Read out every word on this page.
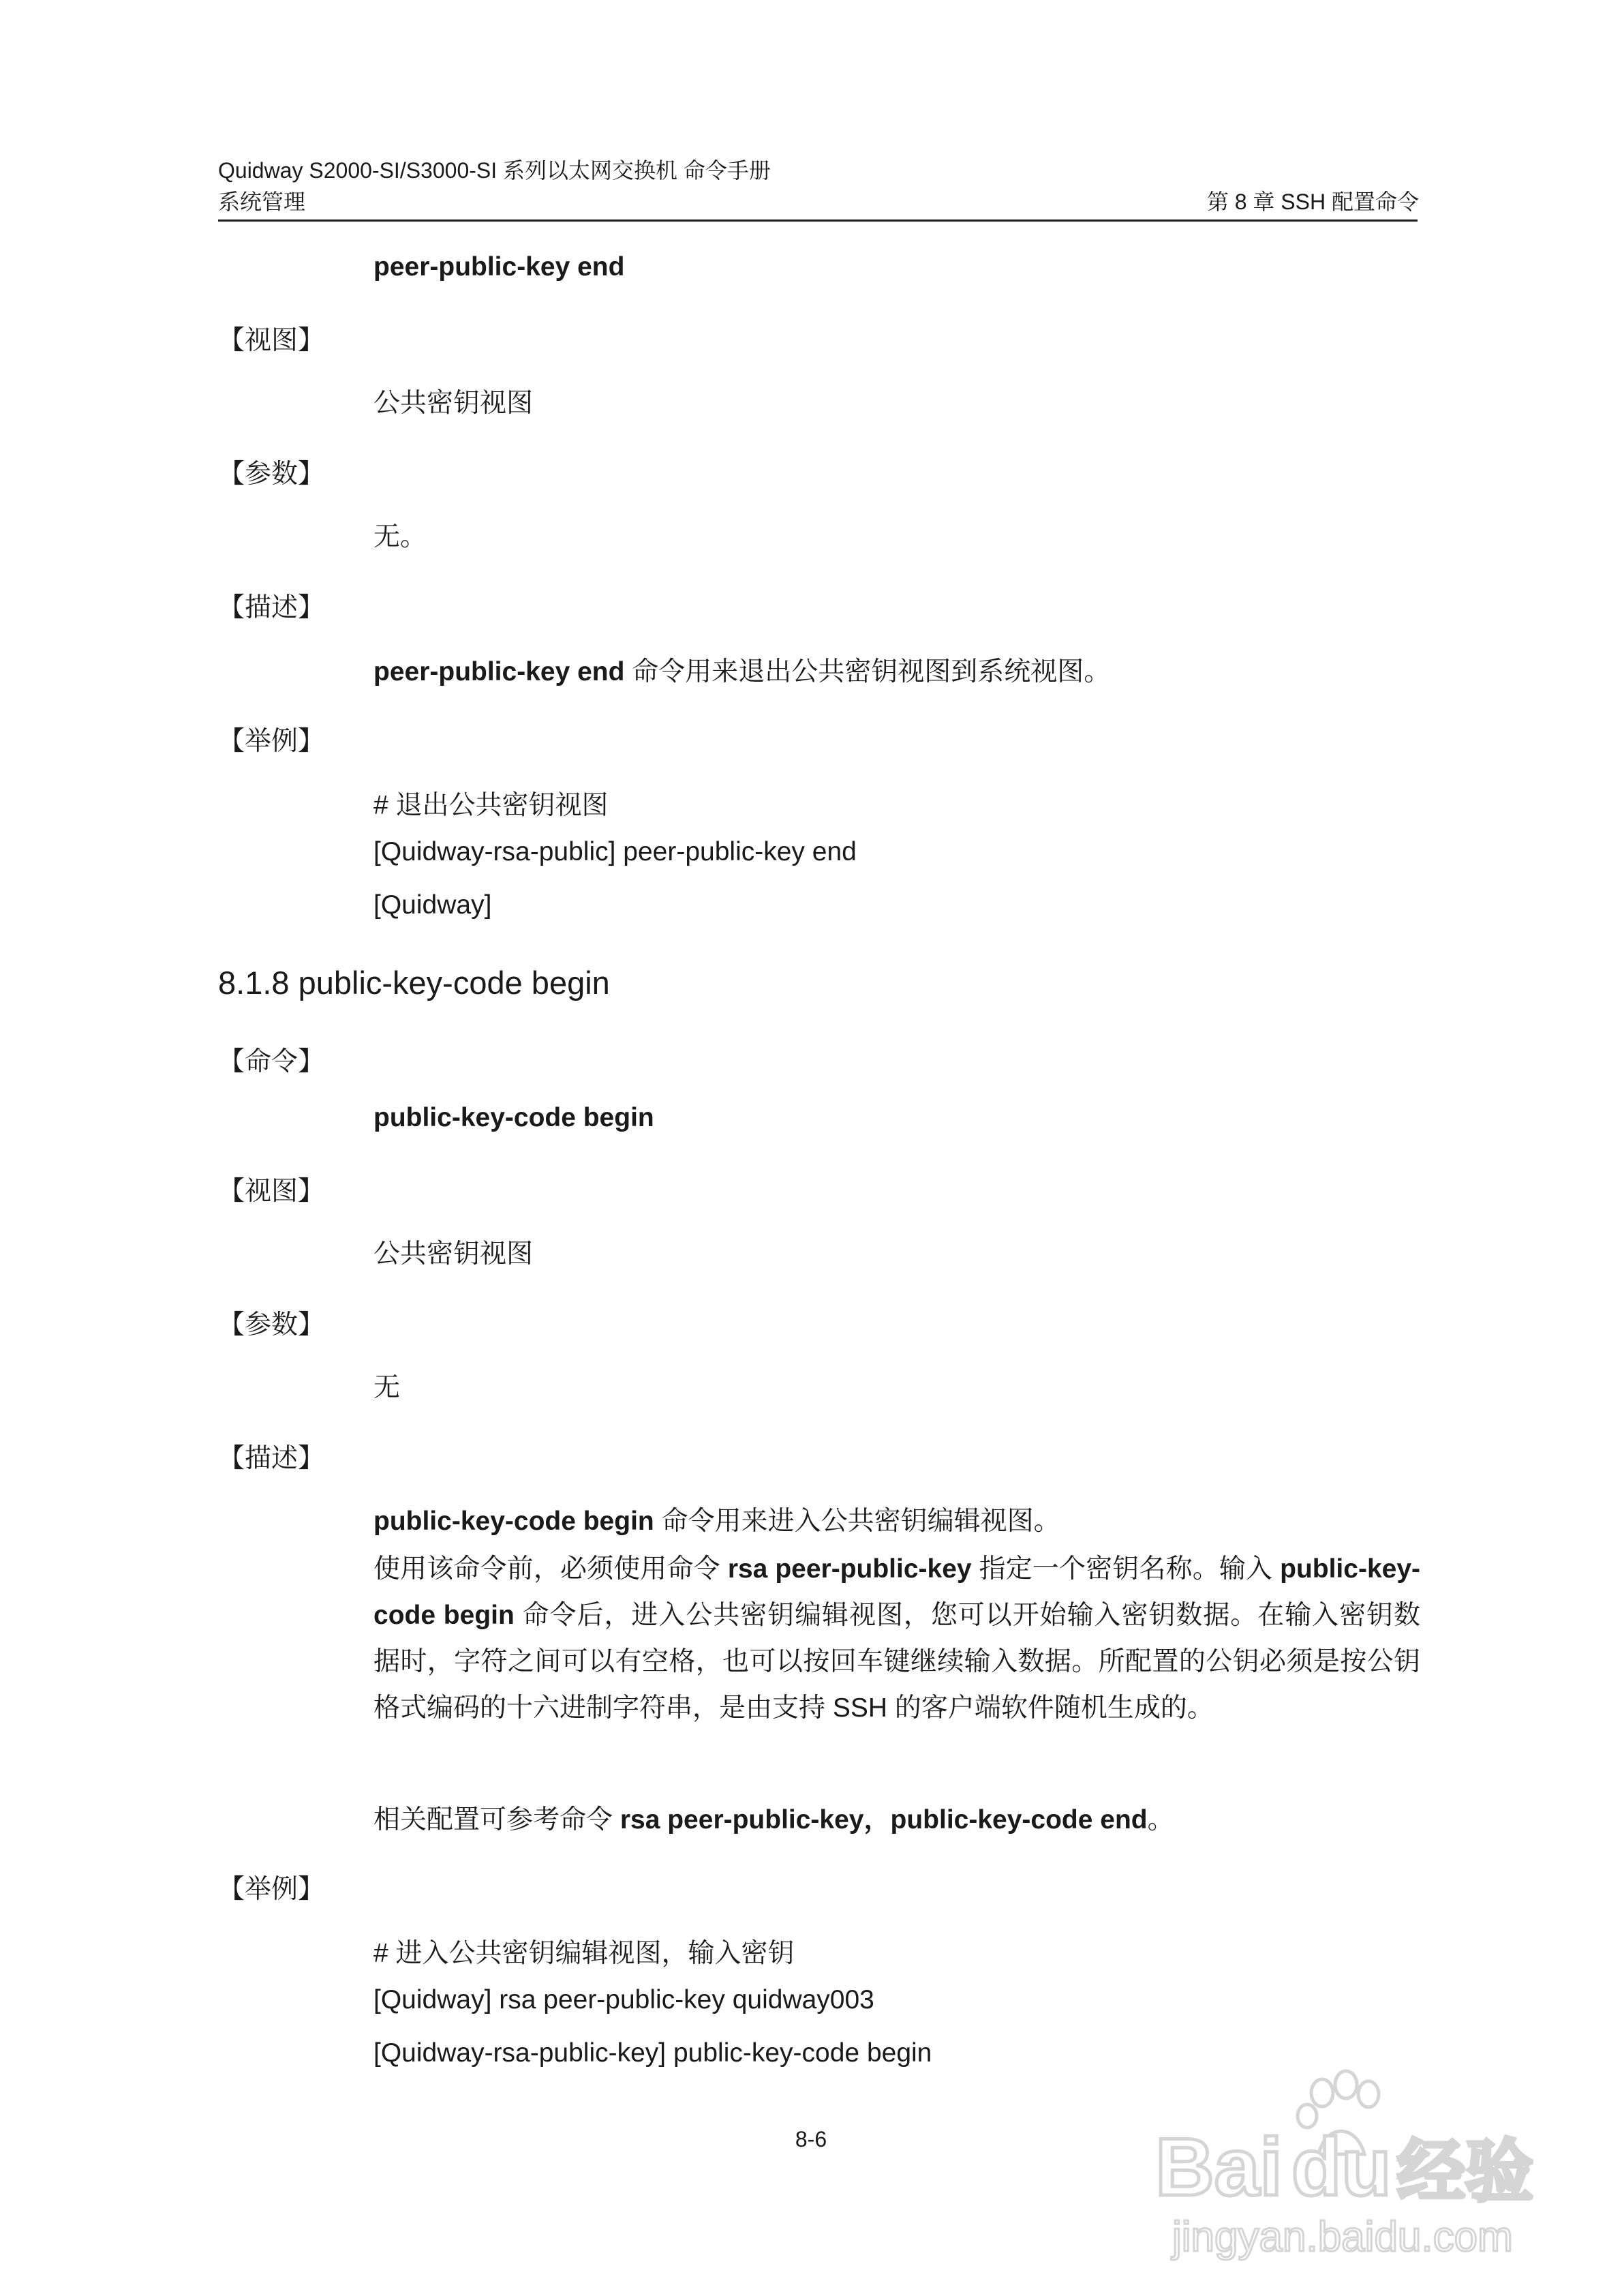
Quidway S2000-SI/S3000-SI 系列以太网交换机 命令手册
系统管理	第 8 章 SSH 配置命令
peer-public-key end
【视图】
公共密钥视图
【参数】
无。
【描述】
peer-public-key end 命令用来退出公共密钥视图到系统视图。
【举例】
# 退出公共密钥视图
[Quidway-rsa-public] peer-public-key end
[Quidway]
8.1.8 public-key-code begin
【命令】
public-key-code begin
【视图】
公共密钥视图
【参数】
无
【描述】
public-key-code begin 命令用来进入公共密钥编辑视图。
使用该命令前，必须使用命令 rsa peer-public-key 指定一个密钥名称。输入 public-key-code begin 命令后，进入公共密钥编辑视图，您可以开始输入密钥数据。在输入密钥数据时，字符之间可以有空格，也可以按回车键继续输入数据。所配置的公钥必须是按公钥格式编码的十六进制字符串，是由支持 SSH 的客户端软件随机生成的。
相关配置可参考命令 rsa peer-public-key，public-key-code end。
【举例】
# 进入公共密钥编辑视图，输入密钥
[Quidway] rsa peer-public-key quidway003
[Quidway-rsa-public-key] public-key-code begin
8-6	Bai du 经验
jingyan.baidu.com
